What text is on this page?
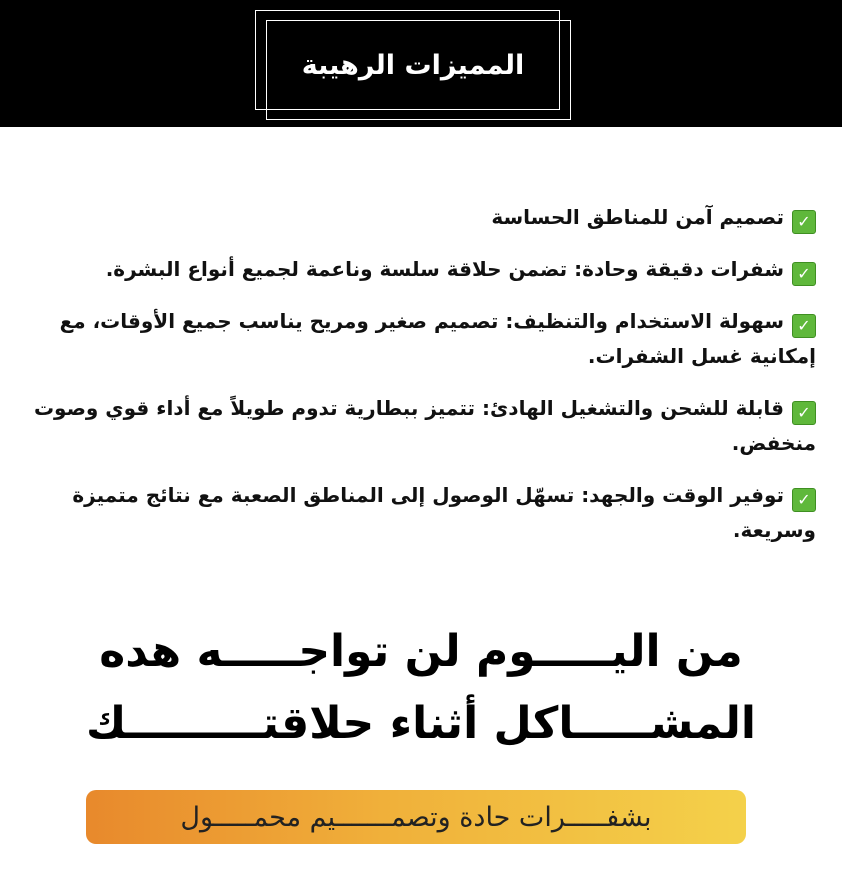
المميزات الرهيبة
✓تصميم آمن للمناطق الحساسة
✓شفرات دقيقة وحادة: تضمن حلاقة سلسة وناعمة لجميع أنواع البشرة.
✓سهولة الاستخدام والتنظيف: تصميم صغير ومريح يناسب جميع الأوقات، مع إمكانية غسل الشفرات.
✓قابلة للشحن والتشغيل الهادئ: تتميز ببطارية تدوم طويلاً مع أداء قوي وصوت منخفض.
✓توفير الوقت والجهد: تسهّل الوصول إلى المناطق الصعبة مع نتائج متميزة وسريعة.
من اليـــــوم لن تواجـــــه هده
المشـــــاكل أثناء حلاقتـــــــــك
بشفـــــرات حادة وتصمـــــــيم محمـــــول
